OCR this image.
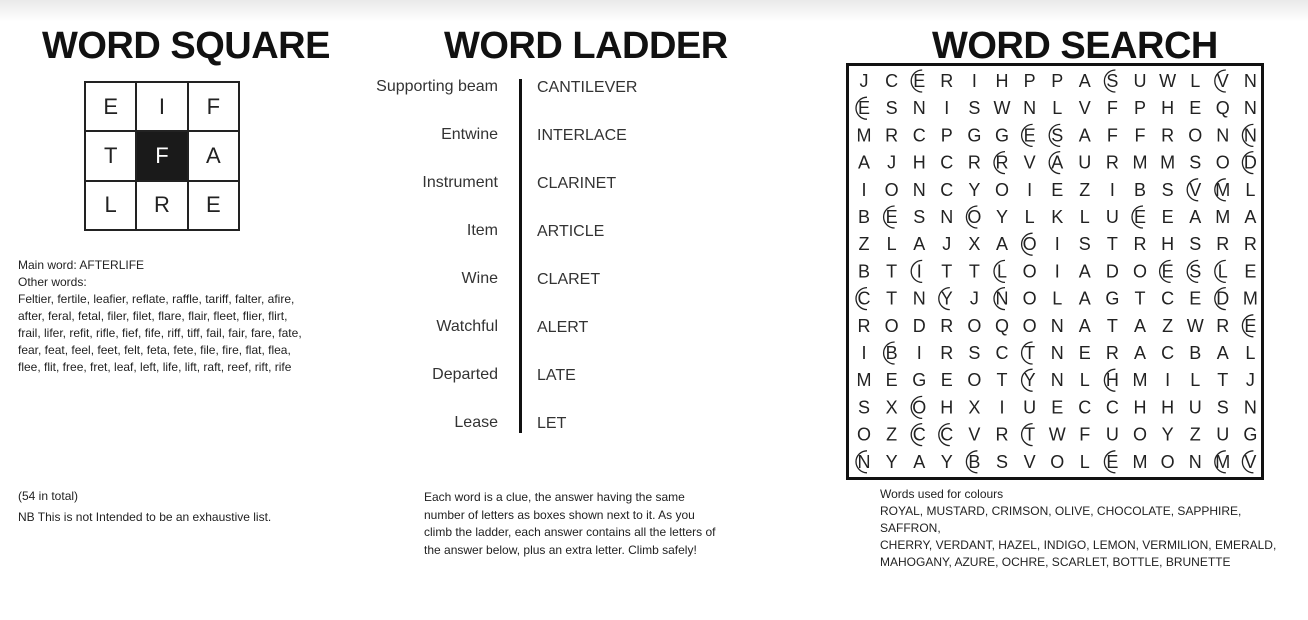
WORD SQUARE
E	I	F
T	F	A
L	R	E
Main word: AFTERLIFE
Other words:
Feltier, fertile, leafier, reflate, raffle, tariff, falter, afire,
after, feral, fetal, filer, filet, flare, flair, fleet, flier, flirt,
frail, lifer, refit, rifle, fief, fife, riff, tiff, fail, fair, fare, fate,
fear, feat, feel, feet, felt, feta, fete, file, fire, flat, flea,
flee, flit, free, fret, leaf, left, life, lift, raft, reef, rift, rife
(54 in total)
NB This is not Intended to be an exhaustive list.
WORD LADDER
Supporting beam CANTILEVER
Entwine INTERLACE
Instrument CLARINET
Item ARTICLE
Wine CLARET
Watchful ALERT
Departed LATE
Lease LET
Each word is a clue, the answer having the same
number of letters as boxes shown next to it. As you
climb the ladder, each answer contains all the letters of
the answer below, plus an extra letter. Climb safely!
WORD SEARCH
J C E R I H P P A S U W L V N
E S N I S W N L V F P H E Q N
M R C P G G E S A F F R O N N
A J H C R R V A U R M M S O D
I O N C Y O I E Z I B S V M L
B E S N O Y L K L U E E A M A
Z L A J X A O I S T R H S R R
B T I T T L O I A D O E S L E
C T N Y J N O L A G T C E D M
R O D R O Q O N A T A Z W R E
I B I R S C T N E R A C B A L
M E G E O T Y N L H M I L T J
S X O H X I U E C C H H U S N
O Z C C V R T W F U O Y Z U G
N Y A Y B S V O L E M O N M V
Words used for colours
ROYAL, MUSTARD, CRIMSON, OLIVE, CHOCOLATE, SAPPHIRE, SAFFRON,
CHERRY, VERDANT, HAZEL, INDIGO, LEMON, VERMILION, EMERALD,
MAHOGANY, AZURE, OCHRE, SCARLET, BOTTLE, BRUNETTE
